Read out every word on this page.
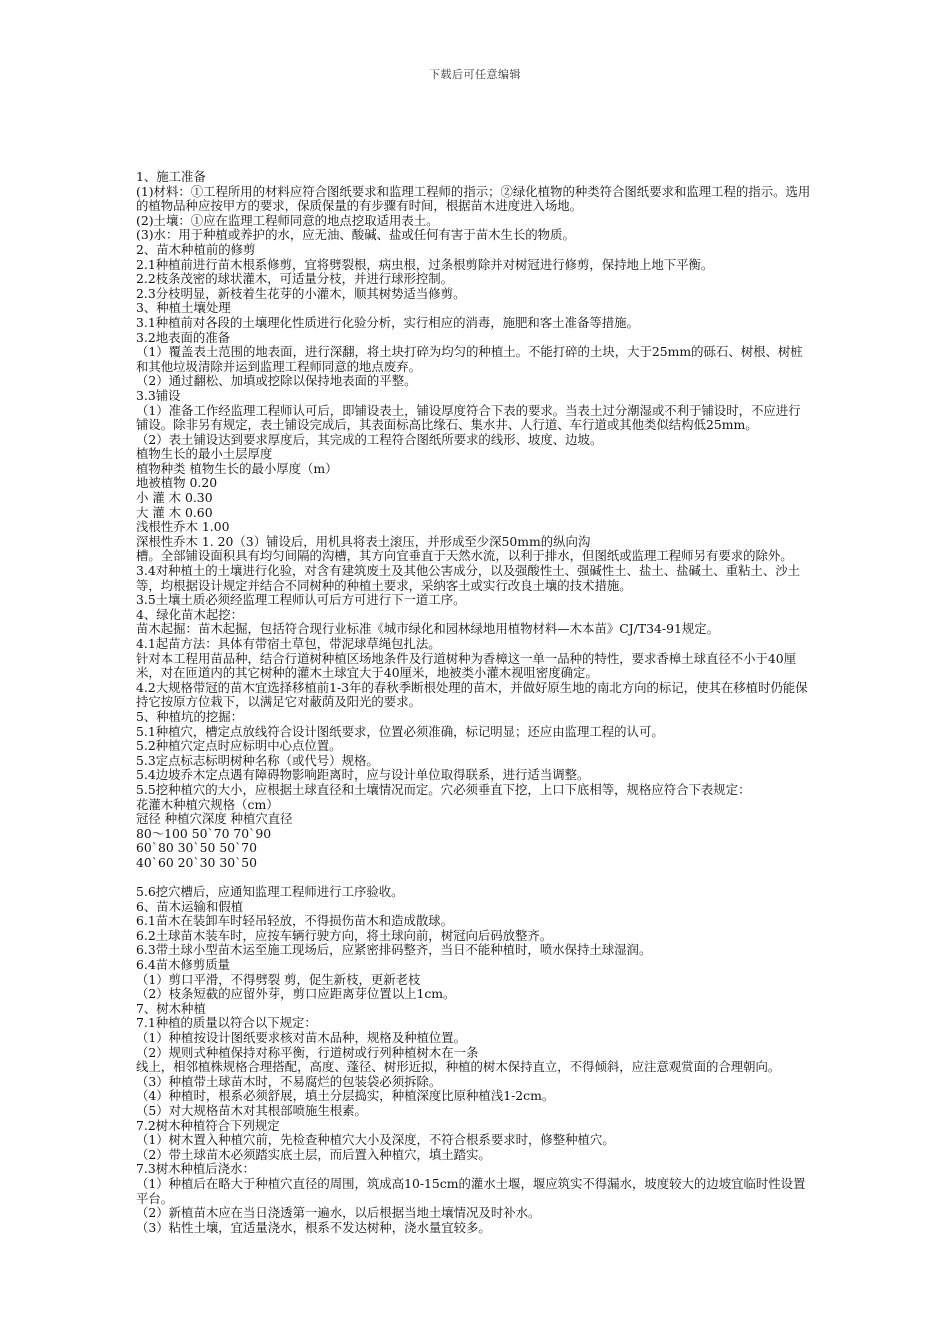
下载后可任意编辑

1、施工准备

(1)材料：①工程所用的材料应符合图纸要求和监理工程师的指示；②绿化植物的种类符合图纸要求和监理工程的指示。选用的植物品种应按甲方的要求，保质保量的有步骤有时间，根据苗木进度进入场地。

(2)土壤：①应在监理工程师同意的地点挖取适用表土。

(3)水：用于种植或养护的水，应无油、酸碱、盐或任何有害于苗木生长的物质。

2、苗木种植前的修剪

2.1种植前进行苗木根系修剪，宜将劈裂根，病虫根，过条根剪除并对树冠进行修剪，保持地上地下平衡。

2.2枝条茂密的球状灌木，可适量分枝，并进行球形控制。

2.3分枝明显，新枝着生花芽的小灌木，顺其树势适当修剪。

3、种植土壤处理

3.1种植前对各段的土壤理化性质进行化验分析，实行相应的消毒，施肥和客土准备等措施。

3.2地表面的准备

（1）覆盖表土范围的地表面，进行深翻，将土块打碎为均匀的种植土。不能打碎的土块，大于25mm的砾石、树根、树桩和其他垃圾清除并运到监理工程师同意的地点废弃。

（2）通过翻松、加填或挖除以保持地表面的平整。

3.3铺设

（1）准备工作经监理工程师认可后，即铺设表土，铺设厚度符合下表的要求。当表土过分潮湿或不利于铺设时，不应进行铺设。除非另有规定，表土铺设完成后，其表面标高比缘石、集水井、人行道、车行道或其他类似结构低25mm。

（2）表土铺设达到要求厚度后，其完成的工程符合图纸所要求的线形、坡度、边坡。

植物生长的最小土层厚度

植物种类 植物生长的最小厚度（m）

地被植物 0.20

小 灌 木 0.30

大 灌 木 0.60

浅根性乔木 1.00

深根性乔木 1. 20（3）铺设后，用机具将表土滚压，并形成至少深50mm的纵向沟

槽。全部铺设面积具有均匀间隔的沟槽，其方向宜垂直于天然水流，以利于排水，但图纸或监理工程师另有要求的除外。

3.4对种植土的土壤进行化验，对含有建筑废土及其他公害成分，以及强酸性土、强碱性土、盐土、盐碱土、重粘土、沙土等，均根据设计规定并结合不同树种的种植土要求，采纳客土或实行改良土壤的技术措施。

3.5土壤土质必须经监理工程师认可后方可进行下一道工序。

4、绿化苗木起挖：

苗木起掘：苗木起掘，包括符合现行业标准《城市绿化和园林绿地用植物材料—木本苗》CJ/T34-91规定。

4.1起苗方法：具体有带宿土草包，带泥球草绳包扎法。

针对本工程用苗品种，结合行道树种植区场地条件及行道树种为香樟这一单一品种的特性，要求香樟土球直径不小于40厘米，对在匝道内的其它树种的灌木土球宜大于40厘米，地被类小灌木视咀密度确定。

4.2大规格带冠的苗木宜选择移植前1-3年的春秋季断根处理的苗木，并做好原生地的南北方向的标记，使其在移植时仍能保持它按原方位栽下，以满足它对蔽荫及阳光的要求。

5、种植坑的挖掘：

5.1种植穴，槽定点放线符合设计图纸要求，位置必须准确，标记明显；还应由监理工程的认可。

5.2种植穴定点时应标明中心点位置。

5.3定点标志标明树种名称（或代号）规格。

5.4边坡乔木定点遇有障碍物影响距离时，应与设计单位取得联系，进行适当调整。

5.5挖种植穴的大小，应根据土球直径和土壤情况而定。穴必须垂直下挖，上口下底相等，规格应符合下表规定：

花灌木种植穴规格（cm）

冠径 种植穴深度 种植穴直径

80～100 50`70 70`90

60`80 30`50 50`70

40`60 20`30 30`50

5.6挖穴槽后，应通知监理工程师进行工序验收。

6、苗木运输和假植

6.1苗木在装卸车时轻吊轻放，不得损伤苗木和造成散球。

6.2土球苗木装车时，应按车辆行驶方向，将土球向前，树冠向后码放整齐。

6.3带土球小型苗木运至施工现场后，应紧密排码整齐，当日不能种植时，喷水保持土球湿润。

6.4苗木修剪质量

（1）剪口平滑，不得劈裂 剪，促生新枝，更新老枝

（2）枝条短截的应留外芽，剪口应距离芽位置以上1cm。

7、树木种植

7.1种植的质量以符合以下规定：

（1）种植按设计图纸要求核对苗木品种，规格及种植位置。

（2）规则式种植保持对称平衡，行道树或行列种植树木在一条

线上，相邻植株规格合理搭配，高度、蓬径、树形近拟，种植的树木保持直立，不得倾斜，应注意观赏面的合理朝向。

（3）种植带土球苗木时，不易腐烂的包装袋必须拆除。

（4）种植时，根系必须舒展，填土分层捣实，种植深度比原种植浅1-2cm。

（5）对大规格苗木对其根部喷施生根素。

7.2树木种植符合下列规定

（1）树木置入种植穴前，先检查种植穴大小及深度，不符合根系要求时，修整种植穴。

（2）带土球苗木必须踏实底土层，而后置入种植穴，填土踏实。

7.3树木种植后浇水：

（1）种植后在略大于种植穴直径的周围，筑成高10-15cm的灌水土堰，堰应筑实不得漏水，坡度较大的边坡宜临时性设置平台。

（2）新植苗木应在当日浇透第一遍水，以后根据当地土壤情况及时补水。

（3）粘性土壤，宜适量浇水，根系不发达树种，浇水量宜较多。
